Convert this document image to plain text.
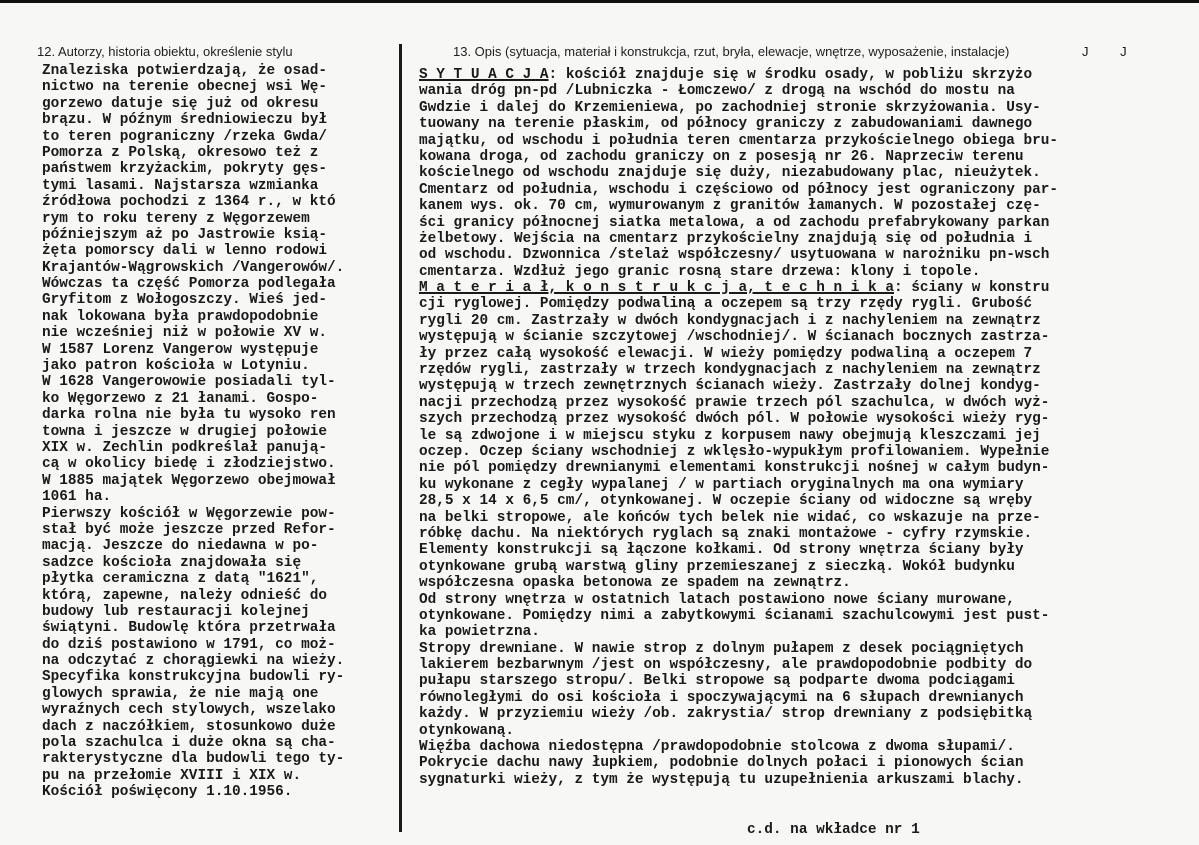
12. Autorzy, historia obiektu, określenie stylu	13. Opis (sytuacja, materiał i konstrukcja, rzut, bryła, elewacje, wnętrze, wyposażenie, instalacje)	J J
Znaleziska potwierdzają, że osad-
nictwo na terenie obecnej wsi Wę-
gorzewo datuje się już od okresu
brązu. W późnym średniowieczu był
to teren pograniczny /rzeka Gwda/
Pomorza z Polską, okresowo też z
państwem krzyżackim, pokryty gęs-
tymi lasami. Najstarsza wzmianka
źródłowa pochodzi z 1364 r., w któ
rym to roku tereny z Węgorzewem
późniejszym aż po Jastrowie ksią-
żęta pomorscy dali w lenno rodowi
Krajantów-Wągrowskich /Vangerowów/.
Wówczas ta część Pomorza podlegała
Gryfitom z Wołogoszczy. Wieś jed-
nak lokowana była prawdopodobnie
nie wcześniej niż w połowie XV w.
W 1587 Lorenz Vangerow występuje
jako patron kościoła w Lotyniu.
W 1628 Vangerowowie posiadali tyl-
ko Węgorzewo z 21 łanami. Gospo-
darka rolna nie była tu wysoko ren
towna i jeszcze w drugiej połowie
XIX w. Zechlin podkreślał panują-
cą w okolicy biedę i złodziejstwo.
W 1885 majątek Węgorzewo obejmował
1061 ha.
Pierwszy kościół w Węgorzewie pow-
stał być może jeszcze przed Refor-
macją. Jeszcze do niedawna w po-
sadzce kościoła znajdowała się
płytka ceramiczna z datą "1621",
którą, zapewne, należy odnieść do
budowy lub restauracji kolejnej
świątyni. Budowlę która przetrwała
do dziś postawiono w 1791, co moż-
na odczytać z chorągiewki na wieży.
Specyfika konstrukcyjna budowli ry-
glowych sprawia, że nie mają one
wyraźnych cech stylowych, wszelako
dach z naczółkiem, stosunkowo duże
pola szachulca i duże okna są cha-
rakterystyczne dla budowli tego ty-
pu na przełomie XVIII i XIX w.
Kościół poświęcony 1.10.1956.
S Y T U A C J A: kościół znajduje się w środku osady, w pobliżu skrzyżo
wania dróg pn-pd /Lubniczka - Łomczewo/ z drogą na wschód do mostu na
Gwdzie i dalej do Krzemieniewa, po zachodniej stronie skrzyżowania. Usy-
tuowany na terenie płaskim, od północy graniczy z zabudowaniami dawnego
majątku, od wschodu i południa teren cmentarza przykościelnego obiega bru-
kowana droga, od zachodu graniczy on z posesją nr 26. Naprzeciw terenu
kościelnego od wschodu znajduje się duży, niezabudowany plac, nieużytek.
Cmentarz od południa, wschodu i częściowo od północy jest ograniczony par-
kanem wys. ok. 70 cm, wymurowanym z granitów łamanych. W pozostałej czę-
ści granicy północnej siatka metalowa, a od zachodu prefabrykowany parkan
żelbetowy. Wejścia na cmentarz przykościelny znajdują się od południa i
od wschodu. Dzwonnica /stelaż współczesny/ usytuowana w narożniku pn-wsch
cmentarza. Wzdłuż jego granic rosną stare drzewa: klony i topole.
M a t e r i a ł, k o n s t r u k c j a, t e c h n i k a: ściany w konstru
cji ryglowej. Pomiędzy podwaliną a oczepem są trzy rzędy rygli. Grubość
rygli 20 cm. Zastrzały w dwóch kondygnacjach i z nachyleniem na zewnątrz
występują w ścianie szczytowej /wschodniej/. W ścianach bocznych zastrza-
ły przez całą wysokość elewacji. W wieży pomiędzy podwaliną a oczepem 7
rzędów rygli, zastrzały w trzech kondygnacjach z nachyleniem na zewnątrz
występują w trzech zewnętrznych ścianach wieży. Zastrzały dolnej kondyg-
nacji przechodzą przez wysokość prawie trzech pól szachulca, w dwóch wyż-
szych przechodzą przez wysokość dwóch pól. W połowie wysokości wieży ryg-
le są zdwojone i w miejscu styku z korpusem nawy obejmują kleszczami jej
oczep. Oczep ściany wschodniej z wklęsło-wypukłym profilowaniem. Wypełnie
nie pól pomiędzy drewnianymi elementami konstrukcji nośnej w całym budyn-
ku wykonane z cegły wypalanej / w partiach oryginalnych ma ona wymiary
28,5 x 14 x 6,5 cm/, otynkowanej. W oczepie ściany od widoczne są wręby
na belki stropowe, ale końców tych belek nie widać, co wskazuje na prze-
róbkę dachu. Na niektórych ryglach są znaki montażowe - cyfry rzymskie.
Elementy konstrukcji są łączone kołkami. Od strony wnętrza ściany były
otynkowane grubą warstwą gliny przemieszanej z sieczką. Wokół budynku
współczesna opaska betonowa ze spadem na zewnątrz.
Od strony wnętrza w ostatnich latach postawiono nowe ściany murowane,
otynkowane. Pomiędzy nimi a zabytkowymi ścianami szachulcowymi jest pust-
ka powietrzna.
Stropy drewniane. W nawie strop z dolnym pułapem z desek pociągniętych
lakierem bezbarwnym /jest on współczesny, ale prawdopodobnie podbity do
pułapu starszego stropu/. Belki stropowe są podparte dwoma podciągami
równoległymi do osi kościoła i spoczywającymi na 6 słupach drewnianych
każdy. W przyziemiu wieży /ob. zakrystia/ strop drewniany z podsiębitką
otynkowaną.
Więźba dachowa niedostępna /prawdopodobnie stolcowa z dwoma słupami/.
Pokrycie dachu nawy łupkiem, podobnie dolnych połaci i pionowych ścian
sygnaturki wieży, z tym że występują tu uzupełnienia arkuszami blachy.
c.d. na wkładce nr 1
